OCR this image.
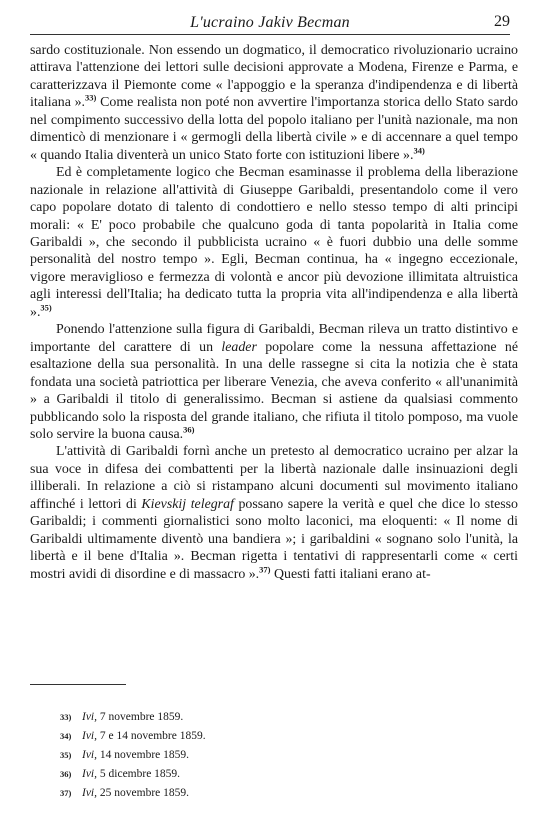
L'ucraino Jakiv Becman	29

sardo costituzionale. Non essendo un dogmatico, il democratico rivoluzionario ucraino attirava l'attenzione dei lettori sulle decisioni approvate a Modena, Firenze e Parma, e caratterizzava il Piemonte come « l'appoggio e la speranza d'indipendenza e di libertà italiana ».$^{33)}$ Come realista non poté non avvertire l'importanza storica dello Stato sardo nel compimento successivo della lotta del popolo italiano per l'unità nazionale, ma non dimenticò di menzionare i « germogli della libertà civile » e di accennare a quel tempo « quando Italia diventerà un unico Stato forte con istituzioni libere ».$^{34)}$

Ed è completamente logico che Becman esaminasse il problema della liberazione nazionale in relazione all'attività di Giuseppe Garibaldi, presentandolo come il vero capo popolare dotato di talento di condottiero e nello stesso tempo di alti principi morali: « E' poco probabile che qualcuno goda di tanta popolarità in Italia come Garibaldi », che secondo il pubblicista ucraino « è fuori dubbio una delle somme personalità del nostro tempo ». Egli, Becman continua, ha « ingegno eccezionale, vigore meraviglioso e fermezza di volontà e ancor più devozione illimitata altruistica agli interessi dell'Italia; ha dedicato tutta la propria vita all'indipendenza e alla libertà ».$^{35)}$

Ponendo l'attenzione sulla figura di Garibaldi, Becman rileva un tratto distintivo e importante del carattere di un leader popolare come la nessuna affettazione né esaltazione della sua personalità. In una delle rassegne si cita la notizia che è stata fondata una società patriottica per liberare Venezia, che aveva conferito « all'unanimità » a Garibaldi il titolo di generalissimo. Becman si astiene da qualsiasi commento pubblicando solo la risposta del grande italiano, che rifiuta il titolo pomposo, ma vuole solo servire la buona causa.$^{36)}$

L'attività di Garibaldi fornì anche un pretesto al democratico ucraino per alzar la sua voce in difesa dei combattenti per la libertà nazionale dalle insinuazioni degli illiberali. In relazione a ciò si ristampano alcuni documenti sul movimento italiano affinché i lettori di Kievskij telegraf possano sapere la verità e quel che dice lo stesso Garibaldi; i commenti giornalistici sono molto laconici, ma eloquenti: « Il nome di Garibaldi ultimamente diventò una bandiera »; i garibaldini « sognano solo l'unità, la libertà e il bene d'Italia ». Becman rigetta i tentativi di rappresentarli come « certi mostri avidi di disordine e di massacro ».$^{37)}$ Questi fatti italiani erano at-

33) Ivi, 7 novembre 1859.
34) Ivi, 7 e 14 novembre 1859.
35) Ivi, 14 novembre 1859.
36) Ivi, 5 dicembre 1859.
37) Ivi, 25 novembre 1859.
